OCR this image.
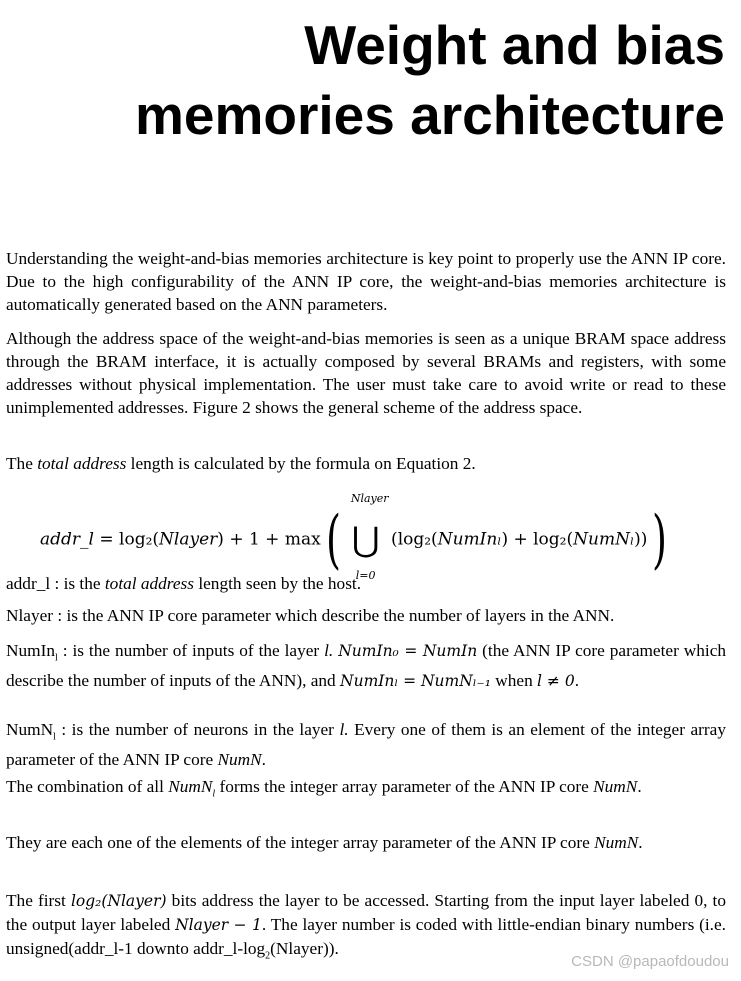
Weight and bias
memories architecture
Understanding the weight-and-bias memories architecture is key point to properly use the ANN IP core. Due to the high configurability of the ANN IP core, the weight-and-bias memories architecture is automatically generated based on the ANN parameters.
Although the address space of the weight-and-bias memories is seen as a unique BRAM space address through the BRAM interface, it is actually composed by several BRAMs and registers, with some addresses without physical implementation. The user must take care to avoid write or read to these unimplemented addresses. Figure 2 shows the general scheme of the address space.
The total address length is calculated by the formula on Equation 2.
addr_l = log₂(Nlayer) + 1 + max(
Nlayer
⋃
l=0
(log₂(NumInₗ) + log₂(NumNₗ)))
addr_l : is the total address length seen by the host.
Nlayer : is the ANN IP core parameter which describe the number of layers in the ANN.
NumIn$_l$ : is the number of inputs of the layer l. NumIn₀ = NumIn (the ANN IP core parameter which describe the number of inputs of the ANN), and NumInₗ = NumNₗ₋₁ when l ≠ 0.
NumN$_l$ : is the number of neurons in the layer l. Every one of them is an element of the integer array parameter of the ANN IP core NumN.
The combination of all NumN$_l$ forms the integer array parameter of the ANN IP core NumN.
They are each one of the elements of the integer array parameter of the ANN IP core NumN.
The first log₂(Nlayer) bits address the layer to be accessed. Starting from the input layer labeled 0, to the output layer labeled Nlayer − 1. The layer number is coded with little-endian binary numbers (i.e. unsigned(addr_l-1 downto $addr\_l-\log_2(Nlayer)$).
CSDN @papaofdoudou
